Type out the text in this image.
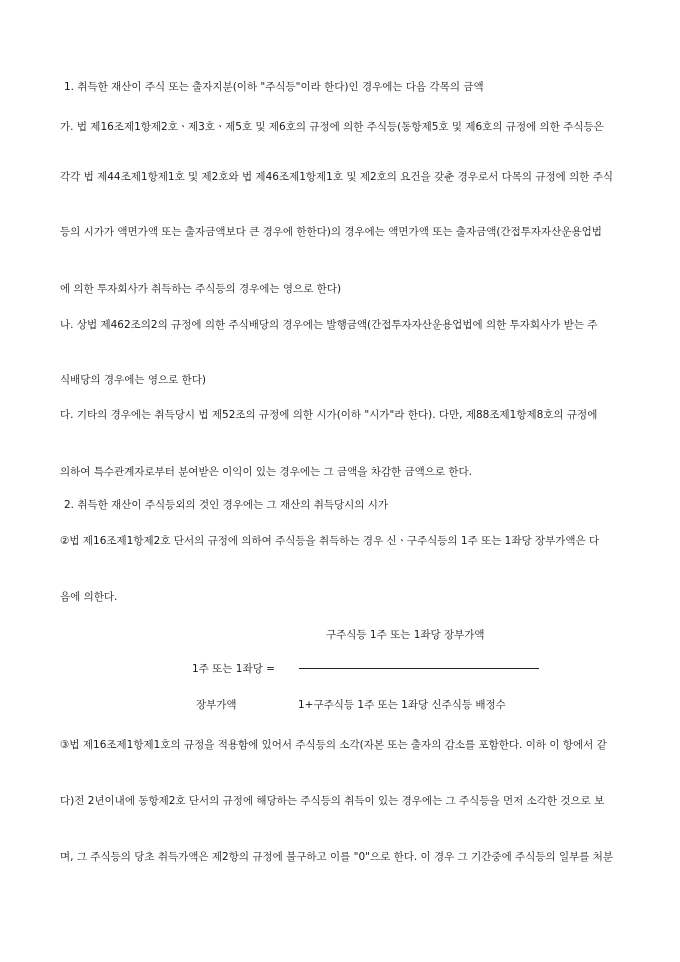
1. 취득한 재산이 주식 또는 출자지분(이하 "주식등"이라 한다)인 경우에는 다음 각목의 금액
가. 법 제16조제1항제2호ㆍ제3호ㆍ제5호 및 제6호의 규정에 의한 주식등(동항제5호 및 제6호의 규정에 의한 주식등은
각각 법 제44조제1항제1호 및 제2호와 법 제46조제1항제1호 및 제2호의 요건을 갖춘 경우로서 다목의 규정에 의한 주식
등의 시가가 액면가액 또는 출자금액보다 큰 경우에 한한다)의 경우에는 액면가액 또는 출자금액(간접투자자산운용업법
에 의한 투자회사가 취득하는 주식등의 경우에는 영으로 한다)
나. 상법 제462조의2의 규정에 의한 주식배당의 경우에는 발행금액(간접투자자산운용업법에 의한 투자회사가 받는 주
식배당의 경우에는 영으로 한다)
다. 기타의 경우에는 취득당시 법 제52조의 규정에 의한 시가(이하 "시가"라 한다). 다만, 제88조제1항제8호의 규정에
의하여 특수관계자로부터 분여받은 이익이 있는 경우에는 그 금액을 차감한 금액으로 한다.
2. 취득한 재산이 주식등외의 것인 경우에는 그 재산의 취득당시의 시가
②법 제16조제1항제2호 단서의 규정에 의하여 주식등을 취득하는 경우 신ㆍ구주식등의 1주 또는 1좌당 장부가액은 다
음에 의한다.
구주식등 1주 또는 1좌당 장부가액
1주 또는 1좌당 =
장부가액	1+구주식등 1주 또는 1좌당 신주식등 배정수
③법 제16조제1항제1호의 규정을 적용함에 있어서 주식등의 소각(자본 또는 출자의 감소를 포함한다. 이하 이 항에서 같
다)전 2년이내에 동항제2호 단서의 규정에 해당하는 주식등의 취득이 있는 경우에는 그 주식등을 먼저 소각한 것으로 보
며, 그 주식등의 당초 취득가액은 제2항의 규정에 불구하고 이를 "0"으로 한다. 이 경우 그 기간중에 주식등의 일부를 처분
